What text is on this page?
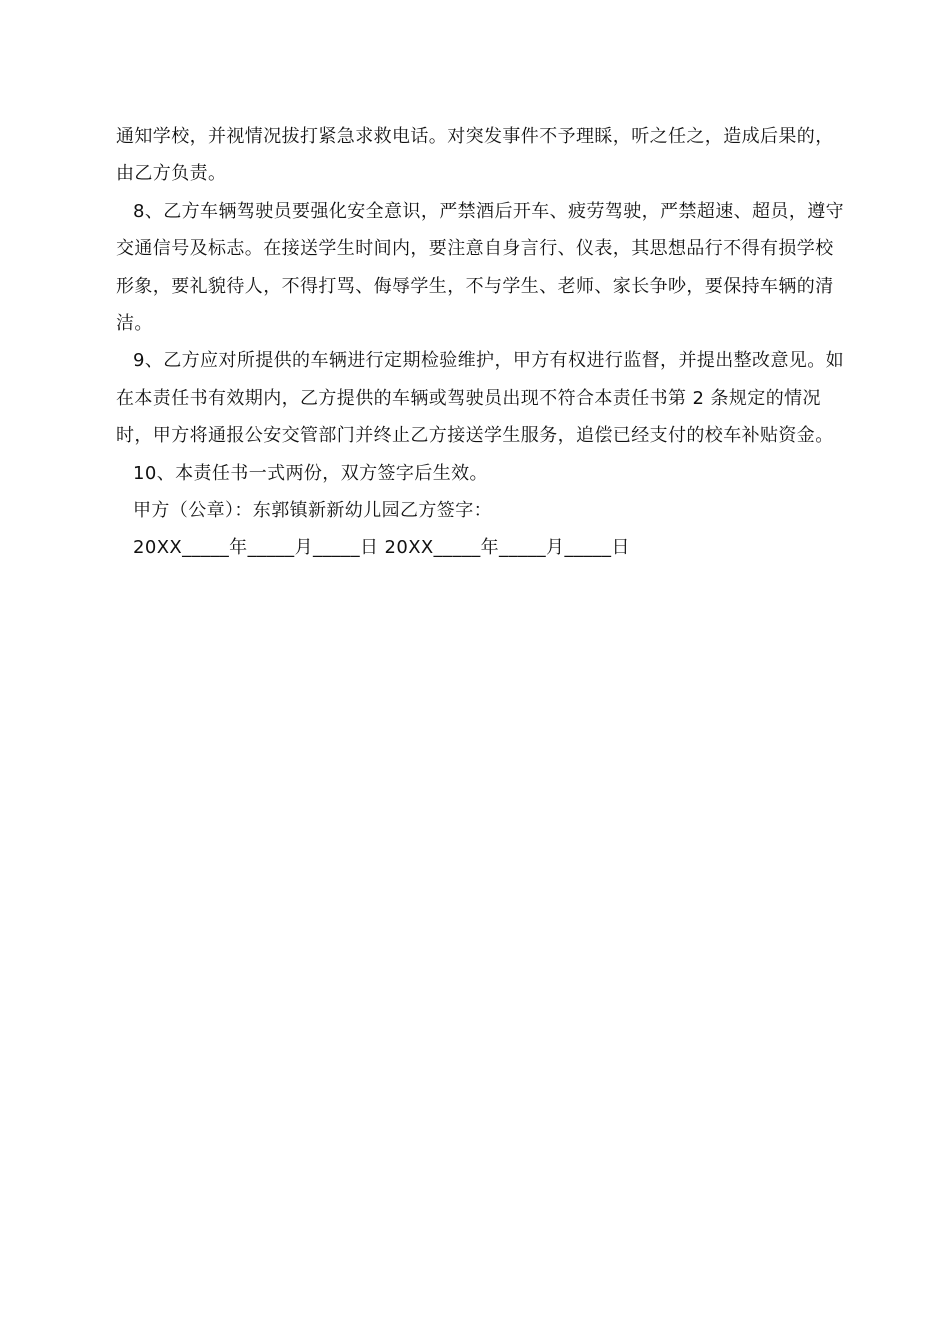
通知学校，并视情况拔打紧急求救电话。对突发事件不予理睬，听之任之，造成后果的，由乙方负责。

8、乙方车辆驾驶员要强化安全意识，严禁酒后开车、疲劳驾驶，严禁超速、超员，遵守交通信号及标志。在接送学生时间内，要注意自身言行、仪表，其思想品行不得有损学校形象，要礼貌待人，不得打骂、侮辱学生，不与学生、老师、家长争吵，要保持车辆的清洁。

9、乙方应对所提供的车辆进行定期检验维护，甲方有权进行监督，并提出整改意见。如在本责任书有效期内，乙方提供的车辆或驾驶员出现不符合本责任书第 2 条规定的情况时，甲方将通报公安交管部门并终止乙方接送学生服务，追偿已经支付的校车补贴资金。

10、本责任书一式两份，双方签字后生效。

甲方（公章）：东郭镇新新幼儿园乙方签字：

20XX_____年_____月_____日 20XX_____年_____月_____日
